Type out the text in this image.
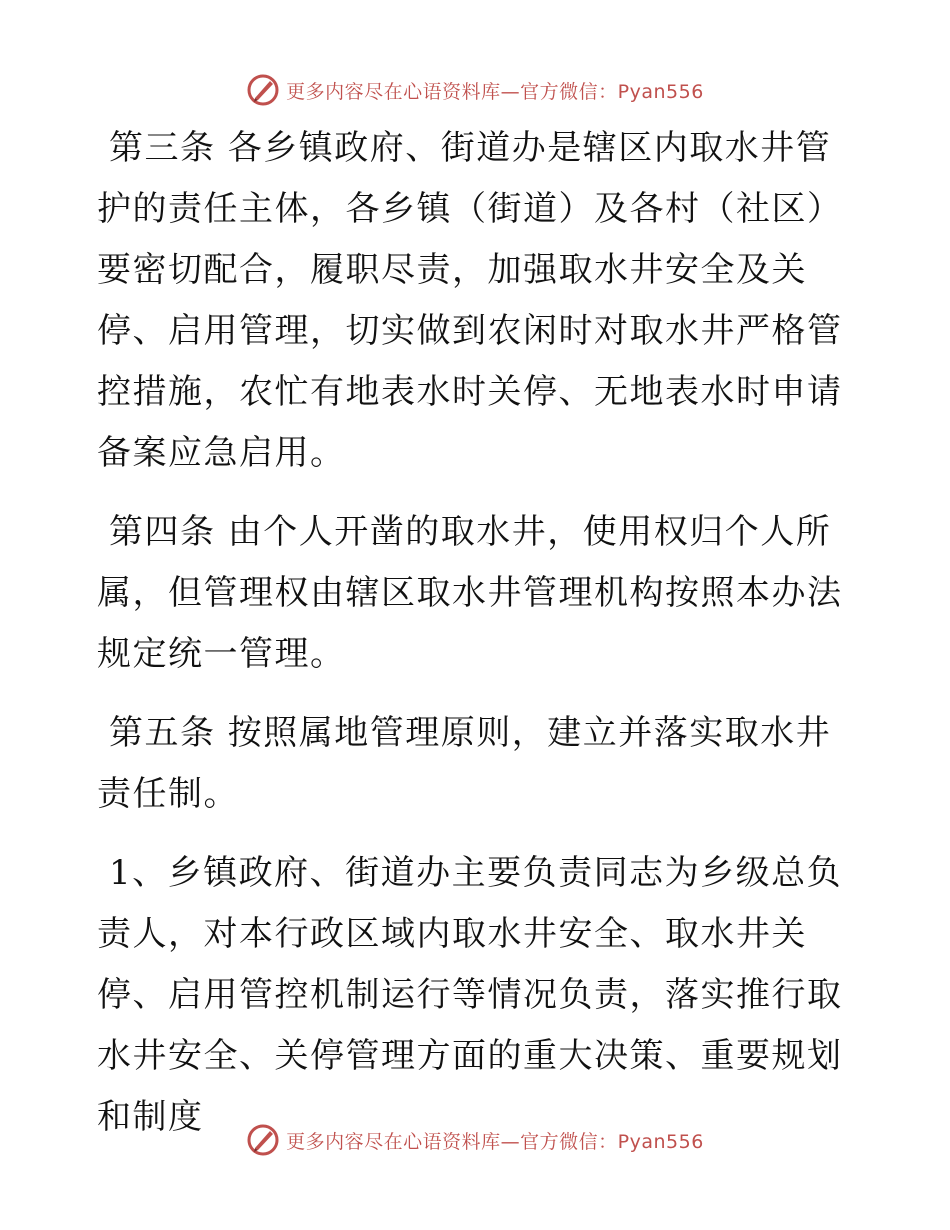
更多内容尽在心语资料库—官方微信：Pyan556

第三条 各乡镇政府、街道办是辖区内取水井管护的责任主体，各乡镇（街道）及各村（社区）要密切配合，履职尽责，加强取水井安全及关停、启用管理，切实做到农闲时对取水井严格管控措施，农忙有地表水时关停、无地表水时申请备案应急启用。

第四条 由个人开凿的取水井，使用权归个人所属，但管理权由辖区取水井管理机构按照本办法规定统一管理。

第五条 按照属地管理原则，建立并落实取水井责任制。

1、乡镇政府、街道办主要负责同志为乡级总负责人，对本行政区域内取水井安全、取水井关停、启用管控机制运行等情况负责，落实推行取水井安全、关停管理方面的重大决策、重要规划和制度

更多内容尽在心语资料库—官方微信：Pyan556
